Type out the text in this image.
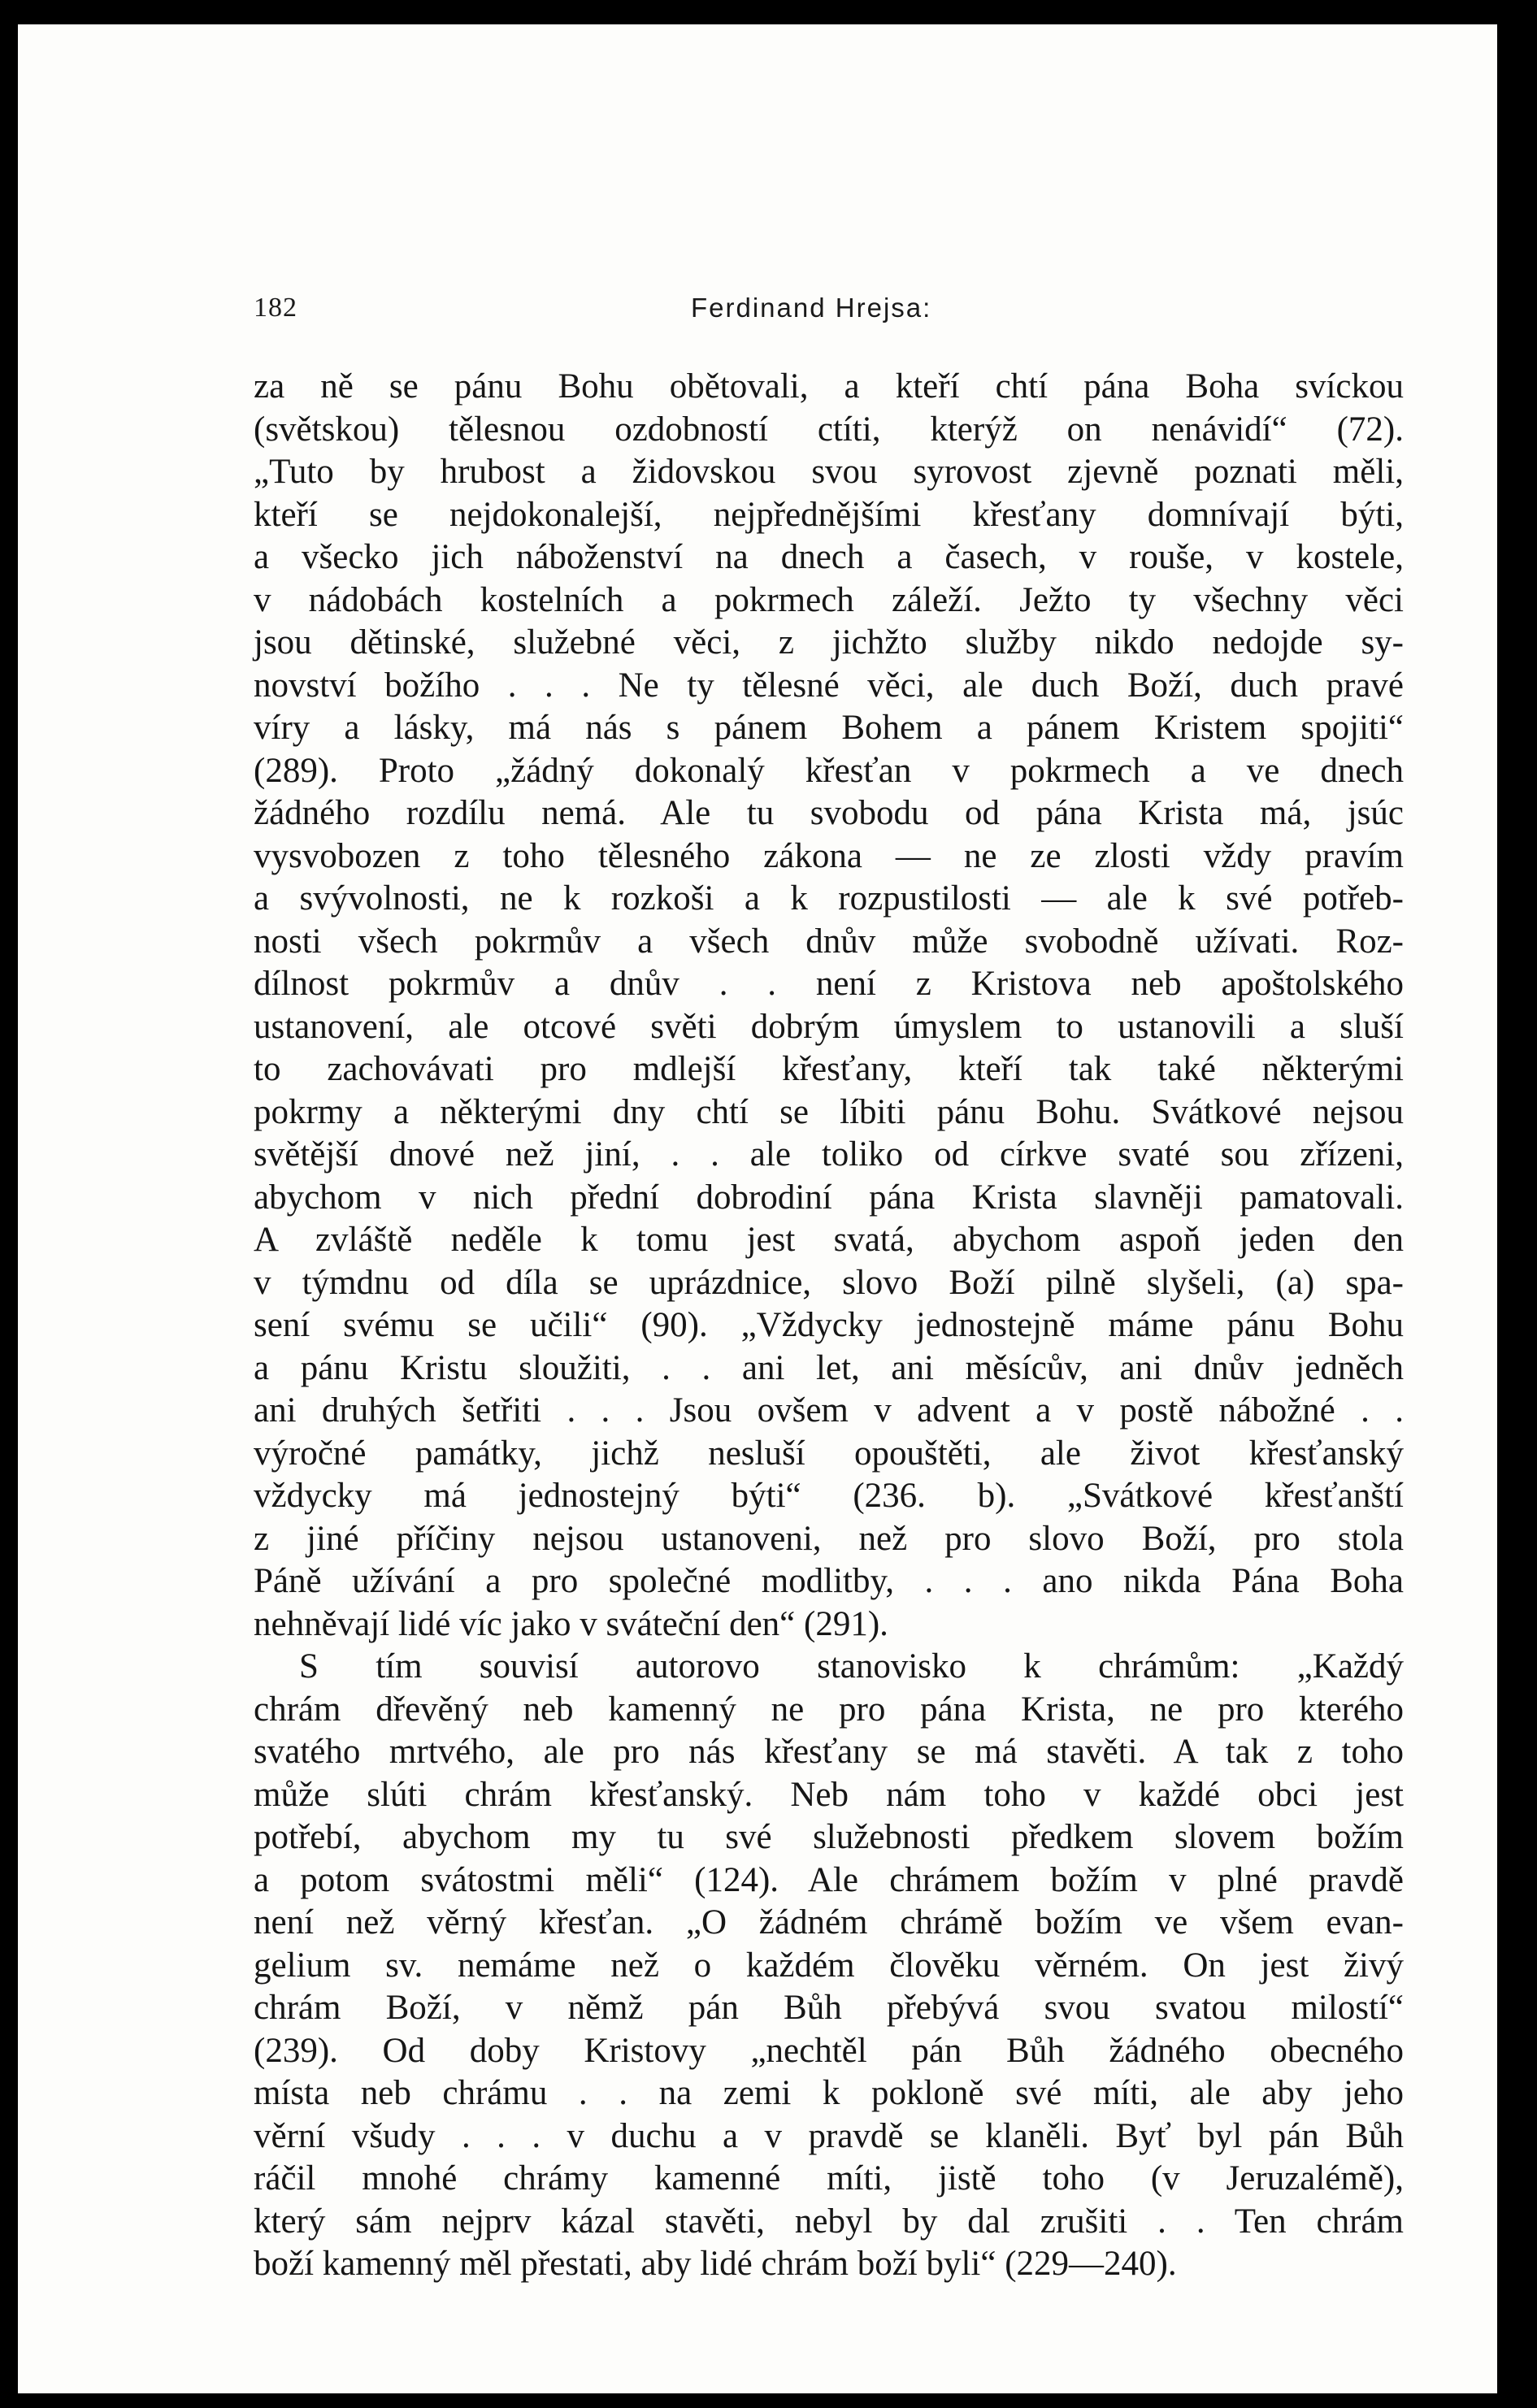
182	Ferdinand Hrejsa:
za ně se pánu Bohu obětovali, a kteří chtí pána Boha svíckou
(světskou) tělesnou ozdobností ctíti, kterýž on nenávidí“ (72).
„Tuto by hrubost a židovskou svou syrovost zjevně poznati měli,
kteří se nejdokonalejší, nejpřednějšími křesťany domnívají býti,
a všecko jich náboženství na dnech a časech, v rouše, v kostele,
v nádobách kostelních a pokrmech záleží. Ježto ty všechny věci
jsou dětinské, služebné věci, z jichžto služby nikdo nedojde sy-
novství božího . . . Ne ty tělesné věci, ale duch Boží, duch pravé
víry a lásky, má nás s pánem Bohem a pánem Kristem spojiti“
(289). Proto „žádný dokonalý křesťan v pokrmech a ve dnech
žádného rozdílu nemá. Ale tu svobodu od pána Krista má, jsúc
vysvobozen z toho tělesného zákona — ne ze zlosti vždy pravím
a svývolnosti, ne k rozkoši a k rozpustilosti — ale k své potřeb-
nosti všech pokrmův a všech dnův může svobodně užívati. Roz-
dílnost pokrmův a dnův . . není z Kristova neb apoštolského
ustanovení, ale otcové světi dobrým úmyslem to ustanovili a sluší
to zachovávati pro mdlejší křesťany, kteří tak také některými
pokrmy a některými dny chtí se líbiti pánu Bohu. Svátkové nejsou
světější dnové než jiní, . . ale toliko od církve svaté sou zřízeni,
abychom v nich přední dobrodiní pána Krista slavněji pamatovali.
A zvláště neděle k tomu jest svatá, abychom aspoň jeden den
v týmdnu od díla se uprázdnice, slovo Boží pilně slyšeli, (a) spa-
sení svému se učili“ (90). „Vždycky jednostejně máme pánu Bohu
a pánu Kristu sloužiti, . . ani let, ani měsícův, ani dnův jedněch
ani druhých šetřiti . . . Jsou ovšem v advent a v postě nábožné . .
výročné památky, jichž nesluší opouštěti, ale život křesťanský
vždycky má jednostejný býti“ (236. b). „Svátkové křesťanští
z jiné příčiny nejsou ustanoveni, než pro slovo Boží, pro stola
Páně užívání a pro společné modlitby, . . . ano nikda Pána Boha
nehněvají lidé víc jako v sváteční den“ (291).
S tím souvisí autorovo stanovisko k chrámům: „Každý
chrám dřevěný neb kamenný ne pro pána Krista, ne pro kterého
svatého mrtvého, ale pro nás křesťany se má stavěti. A tak z toho
může slúti chrám křesťanský. Neb nám toho v každé obci jest
potřebí, abychom my tu své služebnosti předkem slovem božím
a potom svátostmi měli“ (124). Ale chrámem božím v plné pravdě
není než věrný křesťan. „O žádném chrámě božím ve všem evan-
gelium sv. nemáme než o každém člověku věrném. On jest živý
chrám Boží, v němž pán Bůh přebývá svou svatou milostí“
(239). Od doby Kristovy „nechtěl pán Bůh žádného obecného
místa neb chrámu . . na zemi k pokloně své míti, ale aby jeho
věrní všudy . . . v duchu a v pravdě se klaněli. Byť byl pán Bůh
ráčil mnohé chrámy kamenné míti, jistě toho (v Jeruzalémě),
který sám nejprv kázal stavěti, nebyl by dal zrušiti . . Ten chrám
boží kamenný měl přestati, aby lidé chrám boží byli“ (229—240).
